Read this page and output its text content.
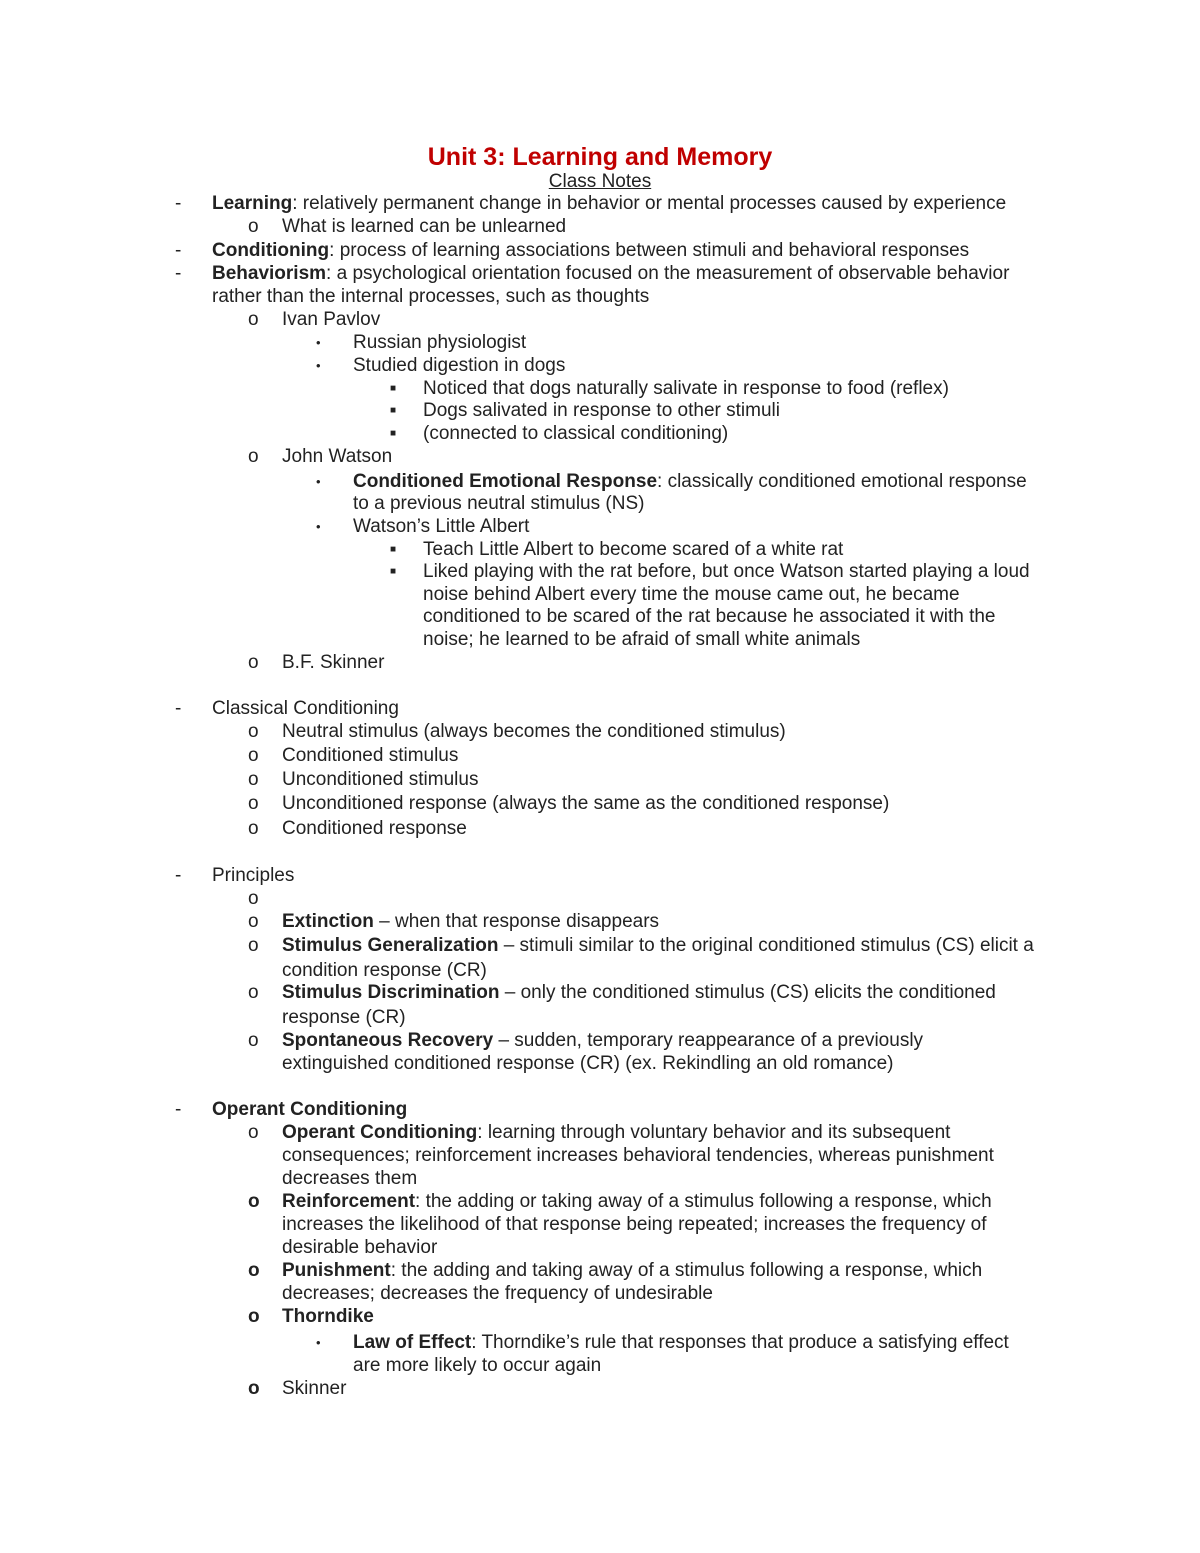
Unit 3: Learning and Memory
Class Notes
- Learning: relatively permanent change in behavior or mental processes caused by experience
o What is learned can be unlearned
- Conditioning: process of learning associations between stimuli and behavioral responses
- Behaviorism: a psychological orientation focused on the measurement of observable behavior
rather than the internal processes, such as thoughts
o Ivan Pavlov
• Russian physiologist
• Studied digestion in dogs
■ Noticed that dogs naturally salivate in response to food (reflex)
■ Dogs salivated in response to other stimuli
■ (connected to classical conditioning)
o John Watson
• Conditioned Emotional Response: classically conditioned emotional response
to a previous neutral stimulus (NS)
• Watson’s Little Albert
■ Teach Little Albert to become scared of a white rat
■ Liked playing with the rat before, but once Watson started playing a loud
noise behind Albert every time the mouse came out, he became
conditioned to be scared of the rat because he associated it with the
noise; he learned to be afraid of small white animals
o B.F. Skinner
- Classical Conditioning
o Neutral stimulus (always becomes the conditioned stimulus)
o Conditioned stimulus
o Unconditioned stimulus
o Unconditioned response (always the same as the conditioned response)
o Conditioned response
- Principles
o
o Extinction – when that response disappears
o Stimulus Generalization – stimuli similar to the original conditioned stimulus (CS) elicit a
condition response (CR)
o Stimulus Discrimination – only the conditioned stimulus (CS) elicits the conditioned
response (CR)
o Spontaneous Recovery – sudden, temporary reappearance of a previously
extinguished conditioned response (CR) (ex. Rekindling an old romance)
- Operant Conditioning
o Operant Conditioning: learning through voluntary behavior and its subsequent
consequences; reinforcement increases behavioral tendencies, whereas punishment
decreases them
o Reinforcement: the adding or taking away of a stimulus following a response, which
increases the likelihood of that response being repeated; increases the frequency of
desirable behavior
o Punishment: the adding and taking away of a stimulus following a response, which
decreases; decreases the frequency of undesirable
o Thorndike
• Law of Effect: Thorndike’s rule that responses that produce a satisfying effect
are more likely to occur again
o Skinner
